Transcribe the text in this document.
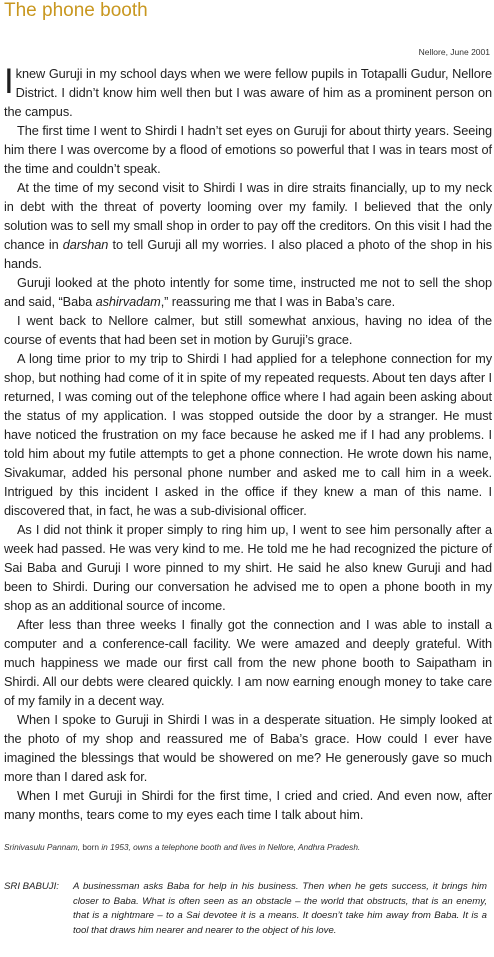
The phone booth
Nellore, June 2001

Iknew Guruji in my school days when we were fellow pupils in Totapalli Gudur, Nellore District. I didn’t know him well then but I was aware of him as a prominent person on the campus.

The first time I went to Shirdi I hadn’t set eyes on Guruji for about thirty years. Seeing him there I was overcome by a flood of emotions so powerful that I was in tears most of the time and couldn’t speak.

At the time of my second visit to Shirdi I was in dire straits financially, up to my neck in debt with the threat of poverty looming over my family. I believed that the only solution was to sell my small shop in order to pay off the creditors. On this visit I had the chance in darshan to tell Guruji all my worries. I also placed a photo of the shop in his hands.

Guruji looked at the photo intently for some time, instructed me not to sell the shop and said, “Baba ashirvadam,” reassuring me that I was in Baba’s care.

I went back to Nellore calmer, but still somewhat anxious, having no idea of the course of events that had been set in motion by Guruji’s grace.

A long time prior to my trip to Shirdi I had applied for a telephone connection for my shop, but nothing had come of it in spite of my repeated requests. About ten days after I returned, I was coming out of the telephone office where I had again been asking about the status of my application. I was stopped outside the door by a stranger. He must have noticed the frustration on my face because he asked me if I had any problems. I told him about my futile attempts to get a phone connection. He wrote down his name, Sivakumar, added his personal phone number and asked me to call him in a week. Intrigued by this incident I asked in the office if they knew a man of this name. I discovered that, in fact, he was a sub-divisional officer.

As I did not think it proper simply to ring him up, I went to see him personally after a week had passed. He was very kind to me. He told me he had recognized the picture of Sai Baba and Guruji I wore pinned to my shirt. He said he also knew Guruji and had been to Shirdi. During our conversation he advised me to open a phone booth in my shop as an additional source of income.

After less than three weeks I finally got the connection and I was able to install a computer and a conference-call facility. We were amazed and deeply grateful. With much happiness we made our first call from the new phone booth to Saipatham in Shirdi. All our debts were cleared quickly. I am now earning enough money to take care of my family in a decent way.

When I spoke to Guruji in Shirdi I was in a desperate situation. He simply looked at the photo of my shop and reassured me of Baba’s grace. How could I ever have imagined the blessings that would be showered on me? He generously gave so much more than I dared ask for.

When I met Guruji in Shirdi for the first time, I cried and cried. And even now, after many months, tears come to my eyes each time I talk about him.

Srinivasulu Pannam, born in 1953, owns a telephone booth and lives in Nellore, Andhra Pradesh.
SRI BABUJI: A businessman asks Baba for help in his business. Then when he gets success, it brings him closer to Baba. What is often seen as an obstacle – the world that obstructs, that is an enemy, that is a nightmare – to a Sai devotee it is a means. It doesn’t take him away from Baba. It is a tool that draws him nearer and nearer to the object of his love.
